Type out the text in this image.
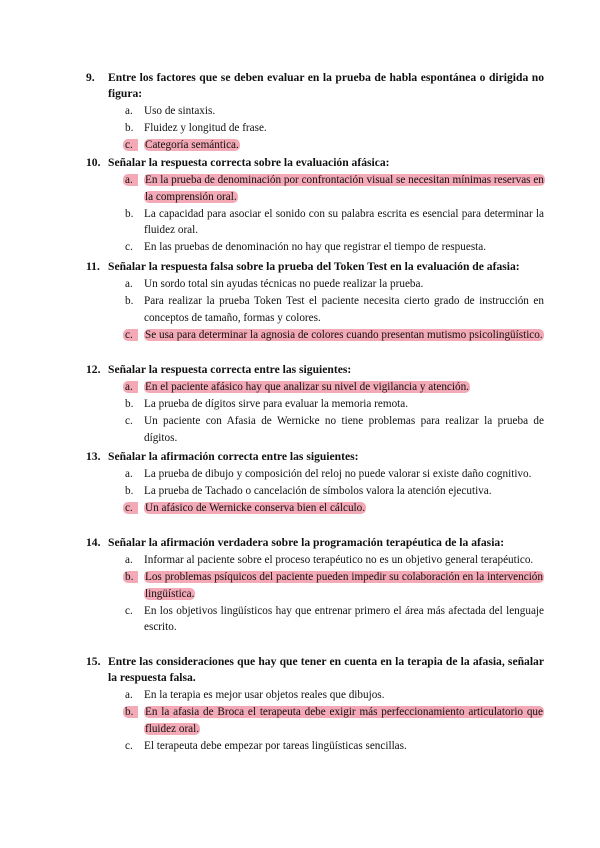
9.	Entre los factores que se deben evaluar en la prueba de habla espontánea o dirigida no figura:
a.	Uso de sintaxis.
b. Fluidez y longitud de frase.
c.	Categoría semántica.
10. Señalar la respuesta correcta sobre la evaluación afásica:
a.	En la prueba de denominación por confrontación visual se necesitan mínimas reservas en la comprensión oral.
b. La capacidad para asociar el sonido con su palabra escrita es esencial para determinar la fluidez oral.
c.	En las pruebas de denominación no hay que registrar el tiempo de respuesta.
11. Señalar la respuesta falsa sobre la prueba del Token Test en la evaluación de afasia:
a.	Un sordo total sin ayudas técnicas no puede realizar la prueba.
b. Para realizar la prueba Token Test el paciente necesita cierto grado de instrucción en conceptos de tamaño, formas y colores.
c.	Se usa para determinar la agnosia de colores cuando presentan mutismo psicolingüístico.
12. Señalar la respuesta correcta entre las siguientes:
a.	En el paciente afásico hay que analizar su nivel de vigilancia y atención.
b. La prueba de dígitos sirve para evaluar la memoria remota.
c.	Un paciente con Afasia de Wernicke no tiene problemas para realizar la prueba de dígitos.
13. Señalar la afirmación correcta entre las siguientes:
a.	La prueba de dibujo y composición del reloj no puede valorar si existe daño cognitivo.
b. La prueba de Tachado o cancelación de símbolos valora la atención ejecutiva.
c.	Un afásico de Wernicke conserva bien el cálculo.
14. Señalar la afirmación verdadera sobre la programación terapéutica de la afasia:
a.	Informar al paciente sobre el proceso terapéutico no es un objetivo general terapéutico.
b.	Los problemas psíquicos del paciente pueden impedir su colaboración en la intervención lingüística.
c.	En los objetivos lingüísticos hay que entrenar primero el área más afectada del lenguaje escrito.
15. Entre las consideraciones que hay que tener en cuenta en la terapia de la afasia, señalar la respuesta falsa.
a.	En la terapia es mejor usar objetos reales que dibujos.
b.	En la afasia de Broca el terapeuta debe exigir más perfeccionamiento articulatorio que fluidez oral.
c.	El terapeuta debe empezar por tareas lingüísticas sencillas.
